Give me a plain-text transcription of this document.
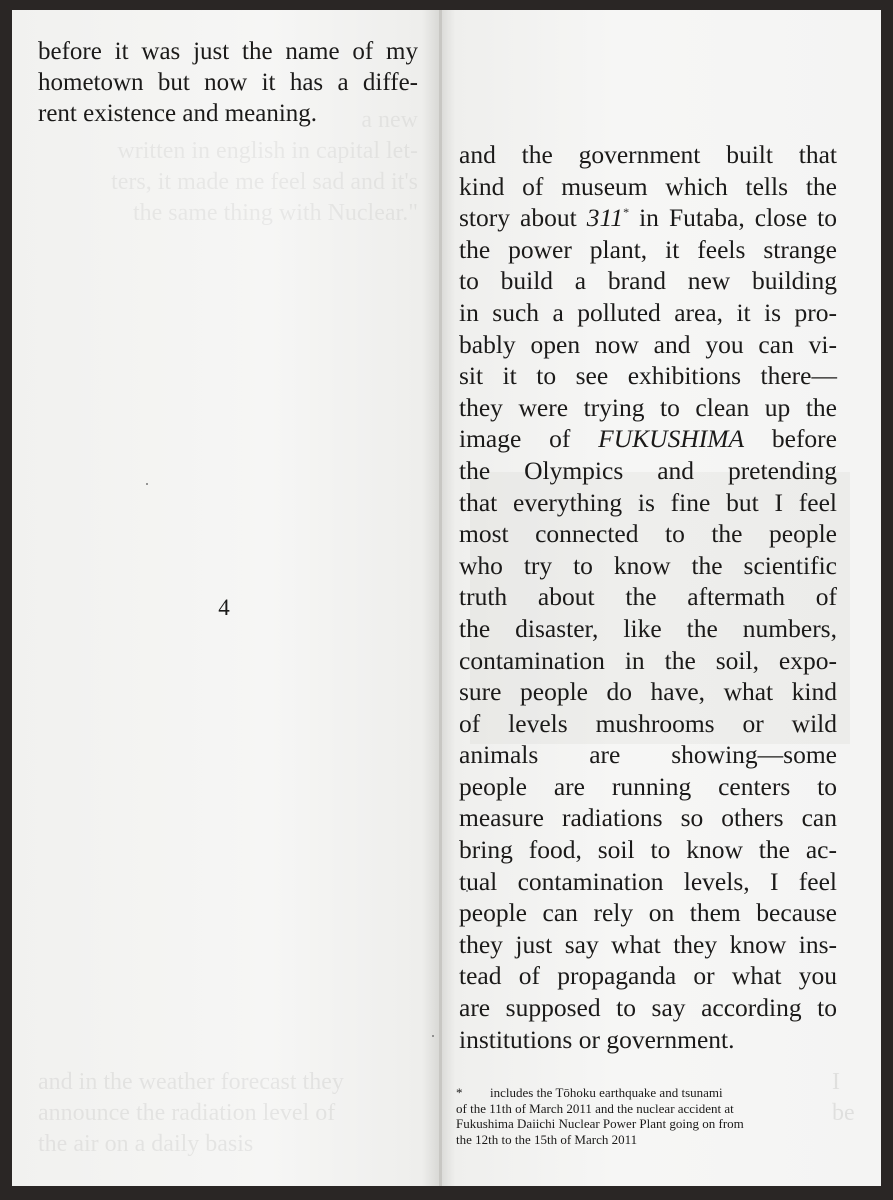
a new
written in english in capital let-
ters, it made me feel sad and it's
the same thing with Nuclear."
and in the weather forecast they
announce the radiation level of
the air on a daily basis
before it was just the name of my
hometown but now it has a diffe-
rent existence and meaning.
4
I
be
and the government built that
kind of museum which tells the
story about 311* in Futaba, close to
the power plant, it feels strange
to build a brand new building
in such a polluted area, it is pro-
bably open now and you can vi-
sit it to see exhibitions there—
they were trying to clean up the
image of FUKUSHIMA before
the Olympics and pretending
that everything is fine but I feel
most connected to the people
who try to know the scientific
truth about the aftermath of
the disaster, like the numbers,
contamination in the soil, expo-
sure people do have, what kind
of levels mushrooms or wild
animals are showing—some
people are running centers to
measure radiations so others can
bring food, soil to know the ac-
tual contamination levels, I feel
people can rely on them because
they just say what they know ins-
tead of propaganda or what you
are supposed to say according to
institutions or government.
* includes the Tōhoku earthquake and tsunami
of the 11th of March 2011 and the nuclear accident at
Fukushima Daiichi Nuclear Power Plant going on from
the 12th to the 15th of March 2011
